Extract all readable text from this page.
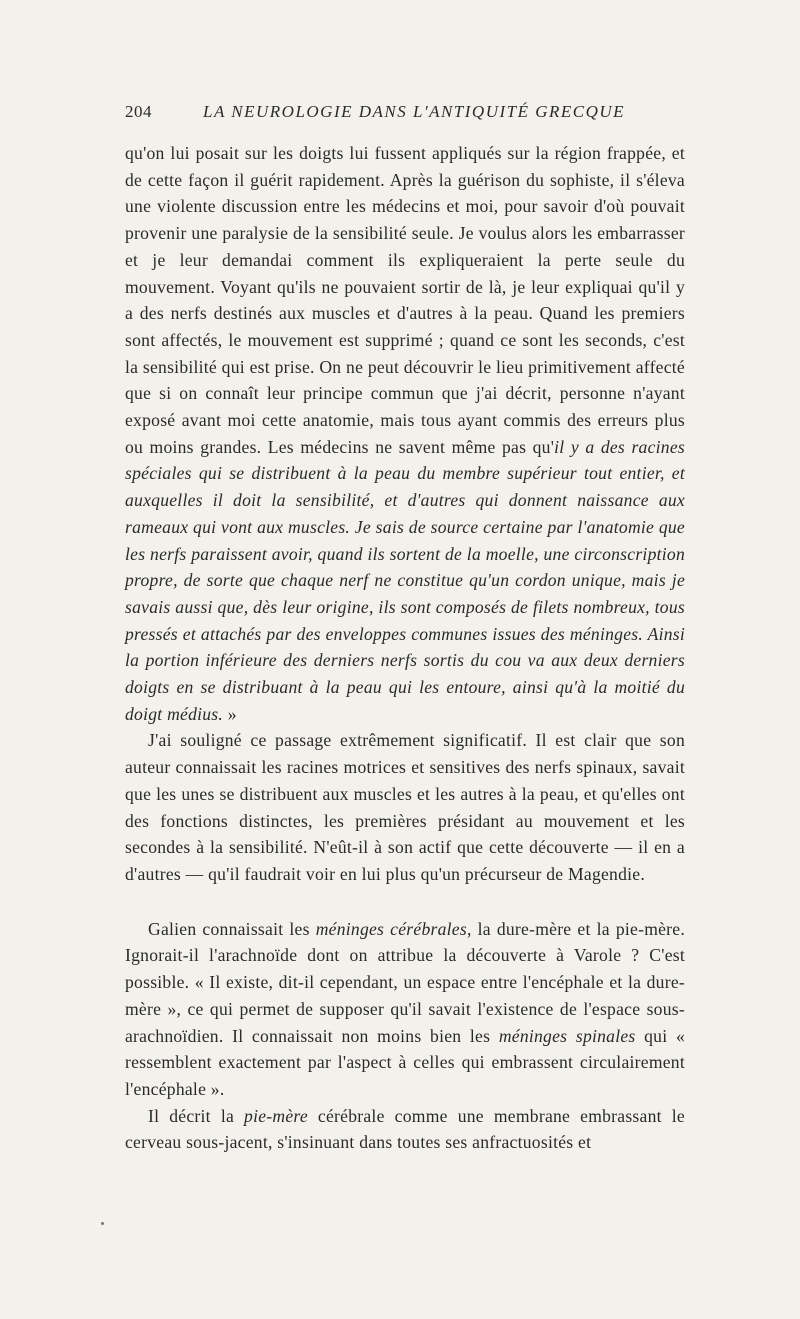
204	LA NEUROLOGIE DANS L'ANTIQUITÉ GRECQUE

qu'on lui posait sur les doigts lui fussent appliqués sur la région frappée, et de cette façon il guérit rapidement. Après la guérison du sophiste, il s'éleva une violente discussion entre les médecins et moi, pour savoir d'où pouvait provenir une paralysie de la sensibilité seule. Je voulus alors les embarrasser et je leur demandai comment ils expliqueraient la perte seule du mouvement. Voyant qu'ils ne pouvaient sortir de là, je leur expliquai qu'il y a des nerfs destinés aux muscles et d'autres à la peau. Quand les premiers sont affectés, le mouvement est supprimé ; quand ce sont les seconds, c'est la sensibilité qui est prise. On ne peut découvrir le lieu primitivement affecté que si on connaît leur principe commun que j'ai décrit, personne n'ayant exposé avant moi cette anatomie, mais tous ayant commis des erreurs plus ou moins grandes. Les médecins ne savent même pas qu'il y a des racines spéciales qui se distribuent à la peau du membre supérieur tout entier, et auxquelles il doit la sensibilité, et d'autres qui donnent naissance aux rameaux qui vont aux muscles. Je sais de source certaine par l'anatomie que les nerfs paraissent avoir, quand ils sortent de la moelle, une circonscription propre, de sorte que chaque nerf ne constitue qu'un cordon unique, mais je savais aussi que, dès leur origine, ils sont composés de filets nombreux, tous pressés et attachés par des enveloppes communes issues des méninges. Ainsi la portion inférieure des derniers nerfs sortis du cou va aux deux derniers doigts en se distribuant à la peau qui les entoure, ainsi qu'à la moitié du doigt médius. »

J'ai souligné ce passage extrêmement significatif. Il est clair que son auteur connaissait les racines motrices et sensitives des nerfs spinaux, savait que les unes se distribuent aux muscles et les autres à la peau, et qu'elles ont des fonctions distinctes, les premières présidant au mouvement et les secondes à la sensibilité. N'eût-il à son actif que cette découverte — il en a d'autres — qu'il faudrait voir en lui plus qu'un précurseur de Magendie.

Galien connaissait les méninges cérébrales, la dure-mère et la pie-mère. Ignorait-il l'arachnoïde dont on attribue la découverte à Varole ? C'est possible. « Il existe, dit-il cependant, un espace entre l'encéphale et la dure-mère », ce qui permet de supposer qu'il savait l'existence de l'espace sous-arachnoïdien. Il connaissait non moins bien les méninges spinales qui « ressemblent exactement par l'aspect à celles qui embrassent circulairement l'encéphale ».

Il décrit la pie-mère cérébrale comme une membrane embrassant le cerveau sous-jacent, s'insinuant dans toutes ses anfractuosités et
